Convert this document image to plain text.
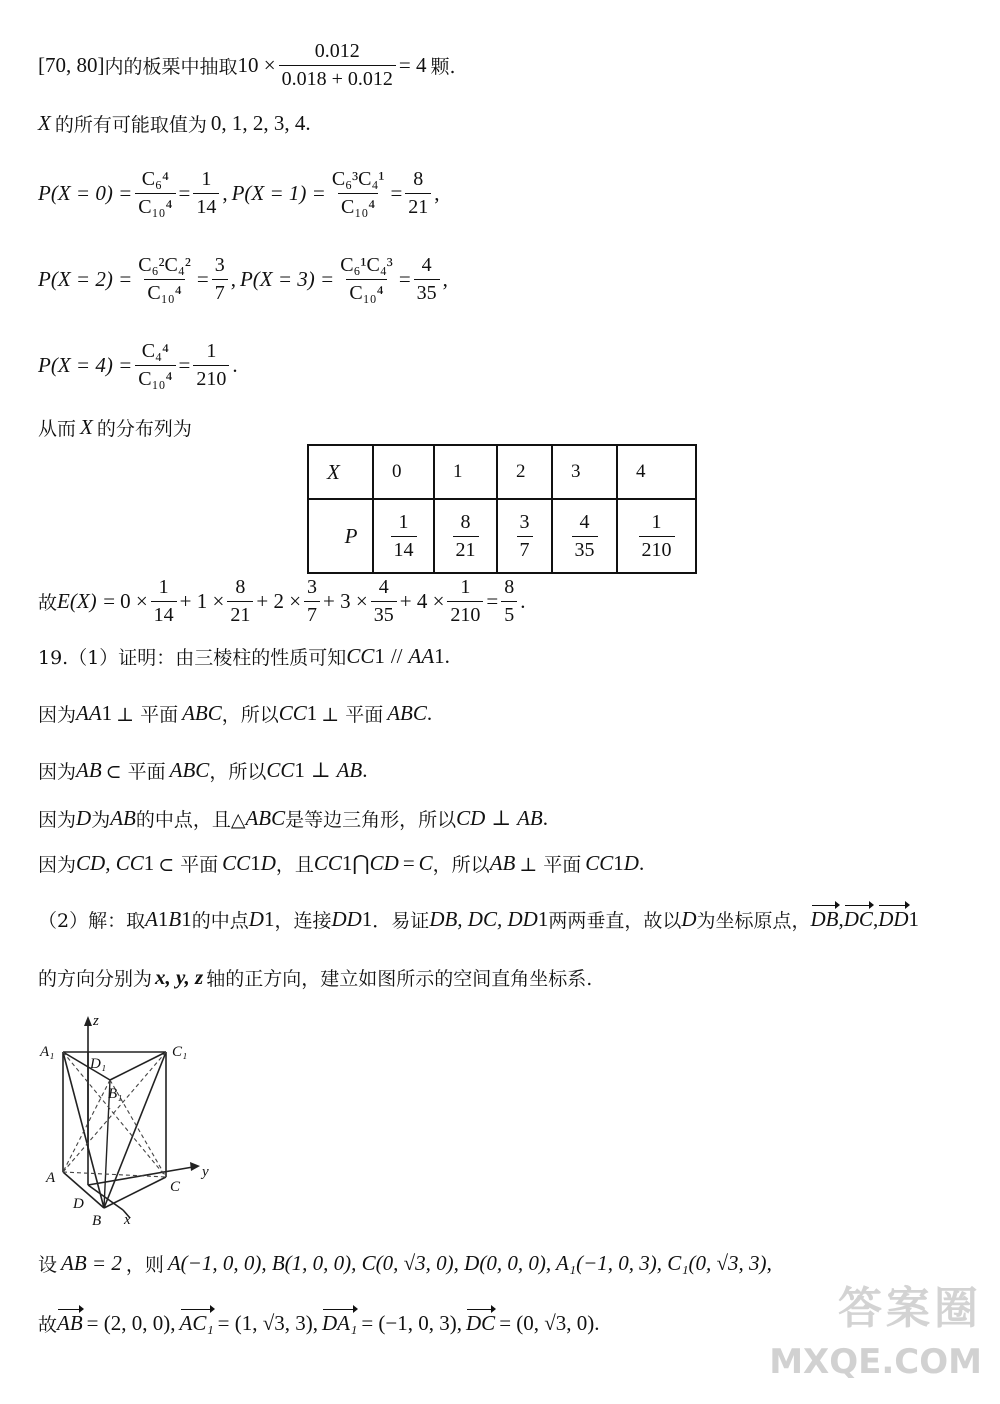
[70, 80] 内的板栗中抽取 $10 \times \frac{0.012}{0.018 + 0.012} = 4$ 颗.
X 的所有可能取值为 0, 1, 2, 3, 4 .
$P(X = 0) = \frac{\text{C₆⁴}}{\text{C₁₀⁴}} = \frac{1}{14}$ , $P(X = 1) = \frac{\text{C₆³C₄¹}}{\text{C₁₀⁴}} = \frac{8}{21}$ ,
$P(X = 2) = \frac{\text{C₆²C₄²}}{\text{C₁₀⁴}} = \frac{3}{7}$ , $P(X = 3) = \frac{\text{C₆¹C₄³}}{\text{C₁₀⁴}} = \frac{4}{35}$ ,
$P(X = 4) = \frac{\text{C₄⁴}}{\text{C₁₀⁴}} = \frac{1}{210}$ .
从而 X 的分布列为
X	0	1	2	3	4
P	$\frac{1}{14}$	$\frac{8}{21}$	$\frac{3}{7}$	$\frac{4}{35}$	$\frac{1}{210}$
故 $E(X) = 0 \times \frac{1}{14} + 1 \times \frac{8}{21} + 2 \times \frac{3}{7} + 3 \times \frac{4}{35} + 4 \times \frac{1}{210} = \frac{8}{5}$ .
19.（1）证明：由三棱柱的性质可知 CC 1 // AA 1 .
因为 AA 1 ⊥ 平面 ABC ，所以 CC 1 ⊥ 平面 ABC .
因为 AB ⊂ 平面 ABC ，所以 CC 1 ⊥ AB .
因为 D 为 AB 的中点，且△ ABC 是等边三角形，所以 CD ⊥ AB .
因为 CD, CC 1 ⊂ 平面 CC 1 D ，且 CC 1 ⋂ CD = C ，所以 AB ⊥ 平面 CC 1 D .
（2）解：取 A 1 B 1 的中点 D 1 ，连接 DD 1 ．易证 DB, DC, DD 1 两两垂直，故以 D 为坐标原点， DB , DC , DD 1
的方向分别为 x, y, z 轴的正方向，建立如图所示的空间直角坐标系.
z
y
x
A₁
D₁
B₁
C₁
A
C
D
B
设 AB = 2 ，则 A(−1, 0, 0), B(1, 0, 0), C(0, √3, 0), D(0, 0, 0), A₁(−1, 0, 3), C₁(0, √3, 3) ,
故 AB = (2, 0, 0), AC₁ = (1, √3, 3), DA₁ = (−1, 0, 3), DC = (0, √3, 0).	答案圈
MXQE.COM
